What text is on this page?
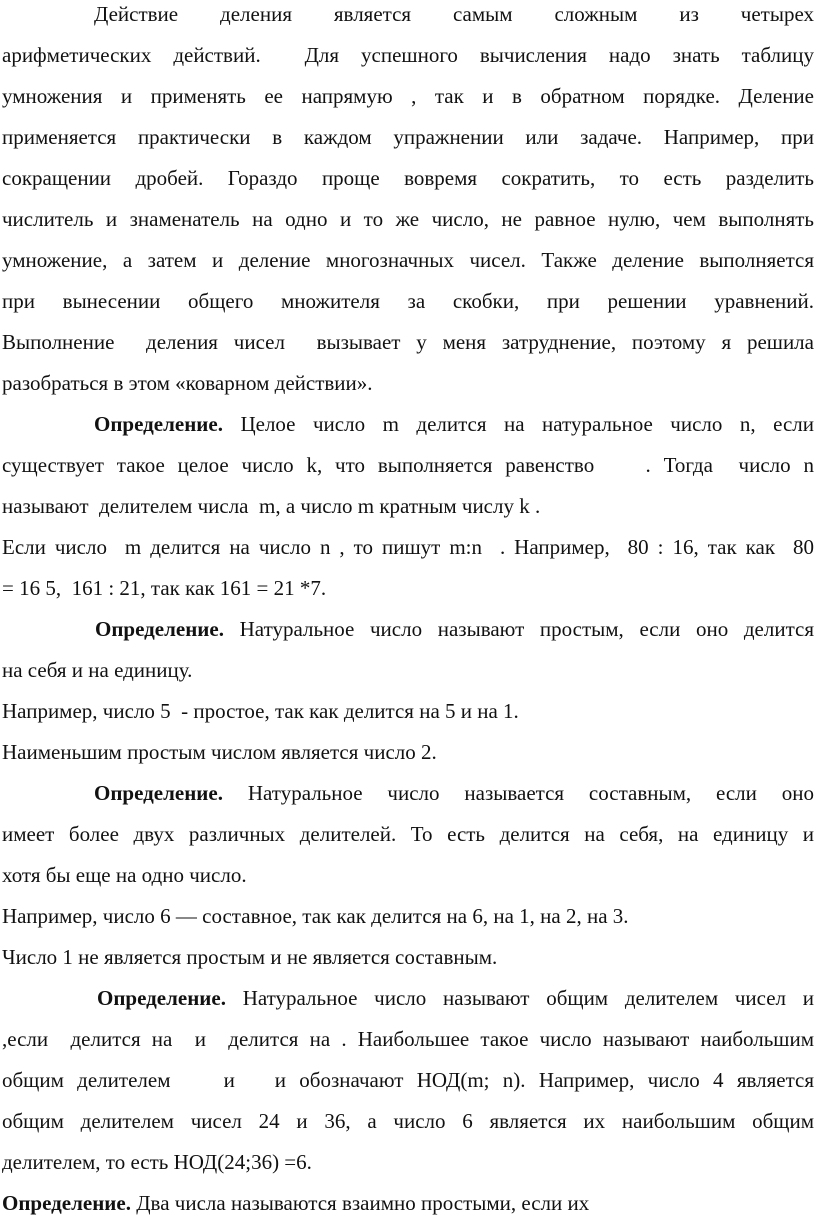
Действие деления является самым сложным из четырех
арифметических действий.  Для успешного вычисления надо знать таблицу
умножения и применять ее напрямую , так и в обратном порядке. Деление
применяется практически в каждом упражнении или задаче. Например, при
сокращении дробей. Гораздо проще вовремя сократить, то есть разделить
числитель и знаменатель на одно и то же число, не равное нулю, чем выполнять
умножение, а затем и деление многозначных чисел. Также деление выполняется
при вынесении общего множителя за скобки, при решении уравнений.
Выполнение  деления чисел  вызывает у меня затруднение, поэтому я решила
разобраться в этом «коварном действии».
Определение. Целое число m делится на натуральное число n, если
существует такое целое число k, что выполняется равенство    . Тогда  число n
называют  делителем числа  m, а число m кратным числу k .
Если число  m делится на число n , то пишут m:n  . Например,  80 : 16, так как  80
= 16 5,  161 : 21, так как 161 = 21 *7.
Определение. Натуральное число называют простым, если оно делится
на себя и на единицу.
Например, число 5  - простое, так как делится на 5 и на 1.
Наименьшим простым числом является число 2.
Определение. Натуральное число называется составным, если оно
имеет более двух различных делителей. То есть делится на себя, на единицу и
хотя бы еще на одно число.
Например, число 6 — составное, так как делится на 6, на 1, на 2, на 3.
Число 1 не является простым и не является составным.
Определение. Натуральное число называют общим делителем чисел и
,если  делится на  и  делится на . Наибольшее такое число называют наибольшим
общим делителем    и   и обозначают НОД(m; n). Например, число 4 является
общим делителем чисел 24 и 36, а число 6 является их наибольшим общим
делителем, то есть НОД(24;36) =6.
Определение. Два числа называются взаимно простыми, если их
